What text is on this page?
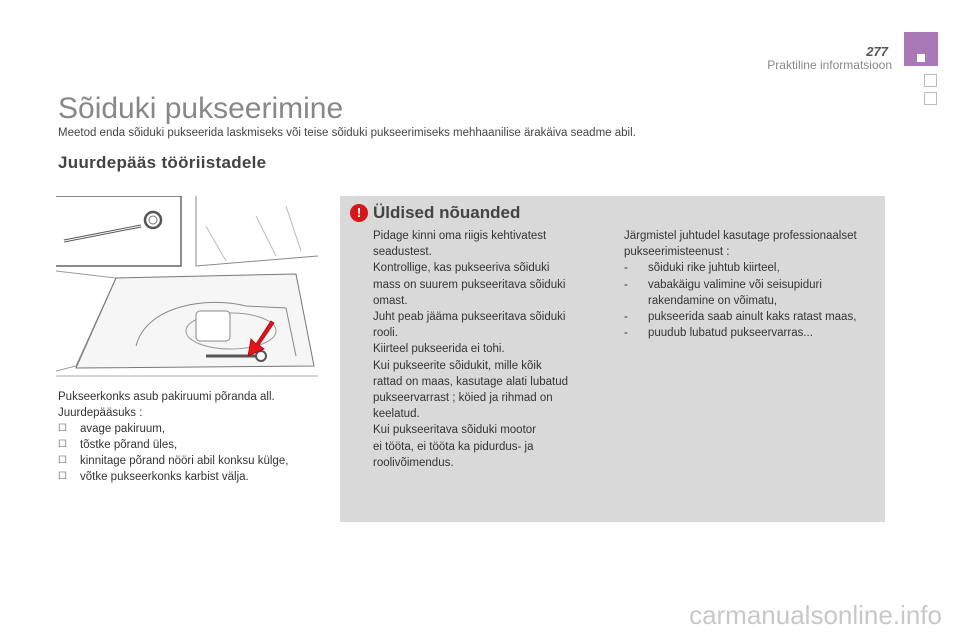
277
Praktiline informatsioon
Sõiduki pukseerimine
Meetod enda sõiduki pukseerida laskmiseks või teise sõiduki pukseerimiseks mehhaanilise ärakäiva seadme abil.
Juurdepääs tööriistadele
Pukseerkonks asub pakiruumi põranda all.
Juurdepääsuks :
☐ avage pakiruum,
☐ tõstke põrand üles,
☐ kinnitage põrand nööri abil konksu külge,
☐ võtke pukseerkonks karbist välja.
! Üldised nõuanded
Pidage kinni oma riigis kehtivatest
seadustest.
Kontrollige, kas pukseeriva sõiduki
mass on suurem pukseeritava sõiduki
omast.
Juht peab jääma pukseeritava sõiduki
rooli.
Kiirteel pukseerida ei tohi.
Kui pukseerite sõidukit, mille kõik
rattad on maas, kasutage alati lubatud
pukseervarrast ; köied ja rihmad on
keelatud.
Kui pukseeritava sõiduki mootor
ei tööta, ei tööta ka pidurdus- ja
roolivõimendus.
Järgmistel juhtudel kasutage professionaalset
pukseerimisteenust :
- sõiduki rike juhtub kiirteel,
- vabakäigu valimine või seisupiduri rakendamine on võimatu,
- pukseerida saab ainult kaks ratast maas,
- puudub lubatud pukseervarras...
carmanualsonline.info
